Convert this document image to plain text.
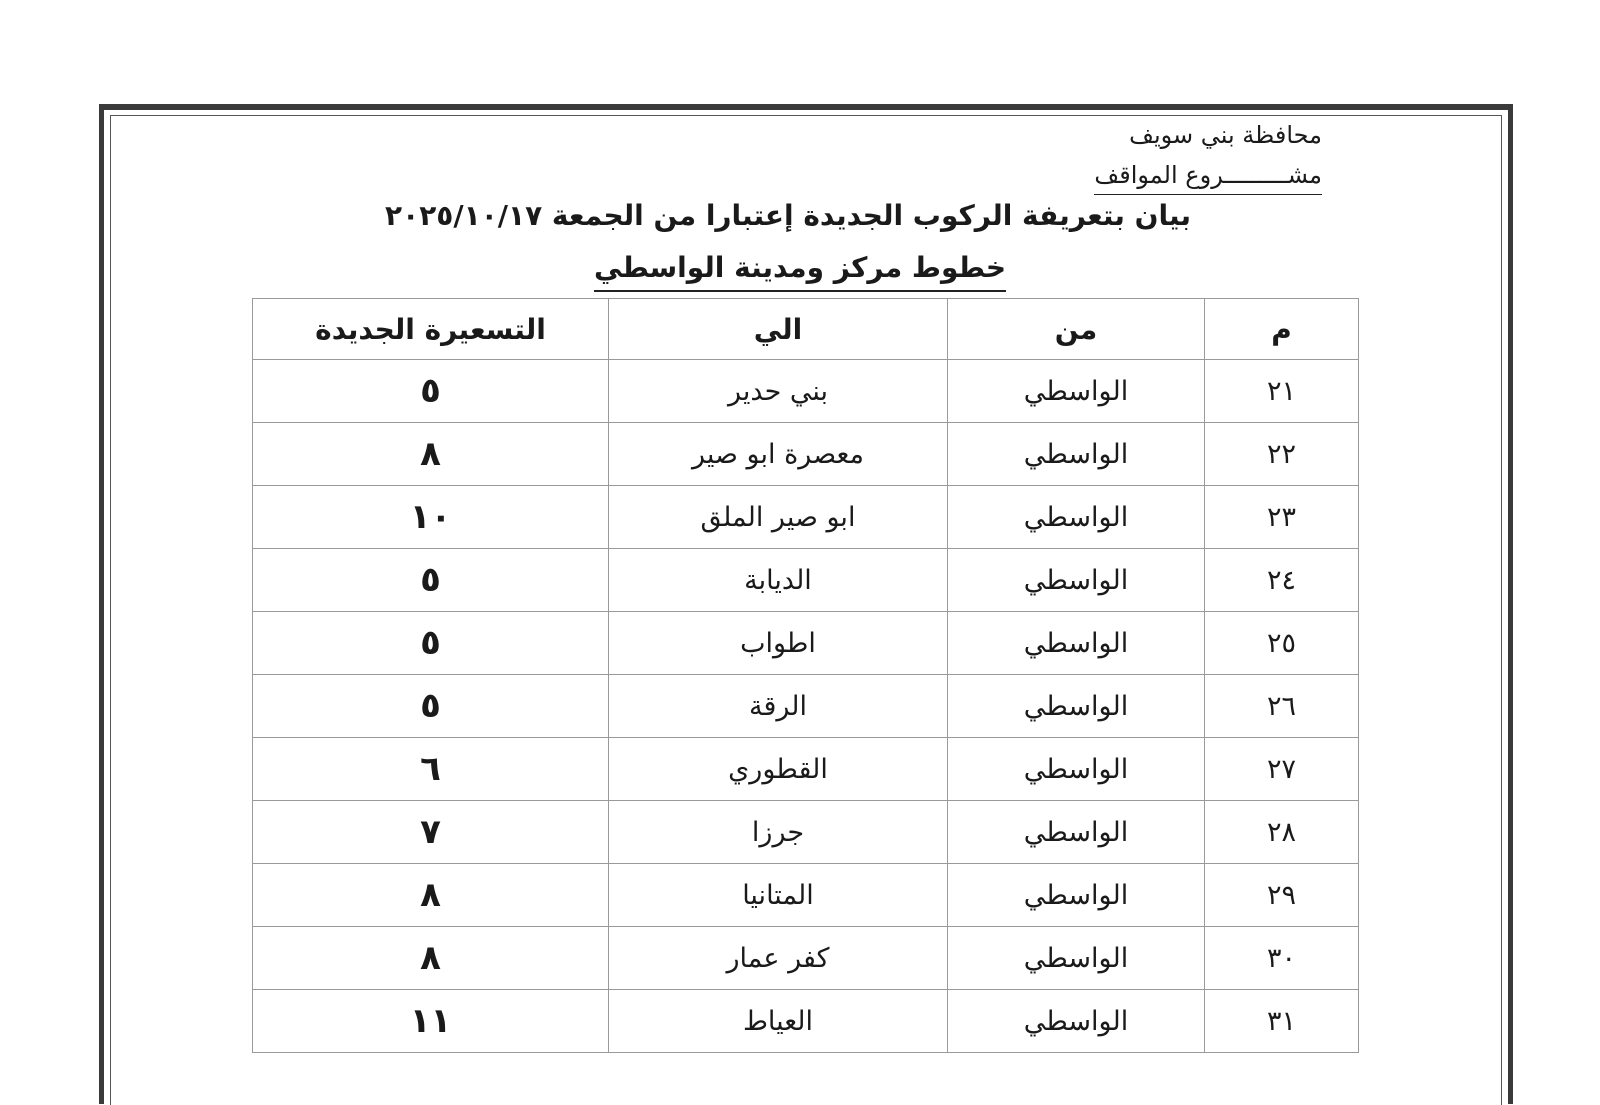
محافظة بني سويف

مشـــــــــروع المواقف

بيان بتعريفة الركوب الجديدة إعتبارا من الجمعة ٢٠٢٥/١٠/١٧
خطوط مركز ومدينة الواسطي
م	من	الي	التسعيرة الجديدة
٢١	الواسطي	بني حدير	٥
٢٢	الواسطي	معصرة ابو صير	٨
٢٣	الواسطي	ابو صير الملق	١٠
٢٤	الواسطي	الديابة	٥
٢٥	الواسطي	اطواب	٥
٢٦	الواسطي	الرقة	٥
٢٧	الواسطي	القطوري	٦
٢٨	الواسطي	جرزا	٧
٢٩	الواسطي	المتانيا	٨
٣٠	الواسطي	كفر عمار	٨
٣١	الواسطي	العياط	١١
